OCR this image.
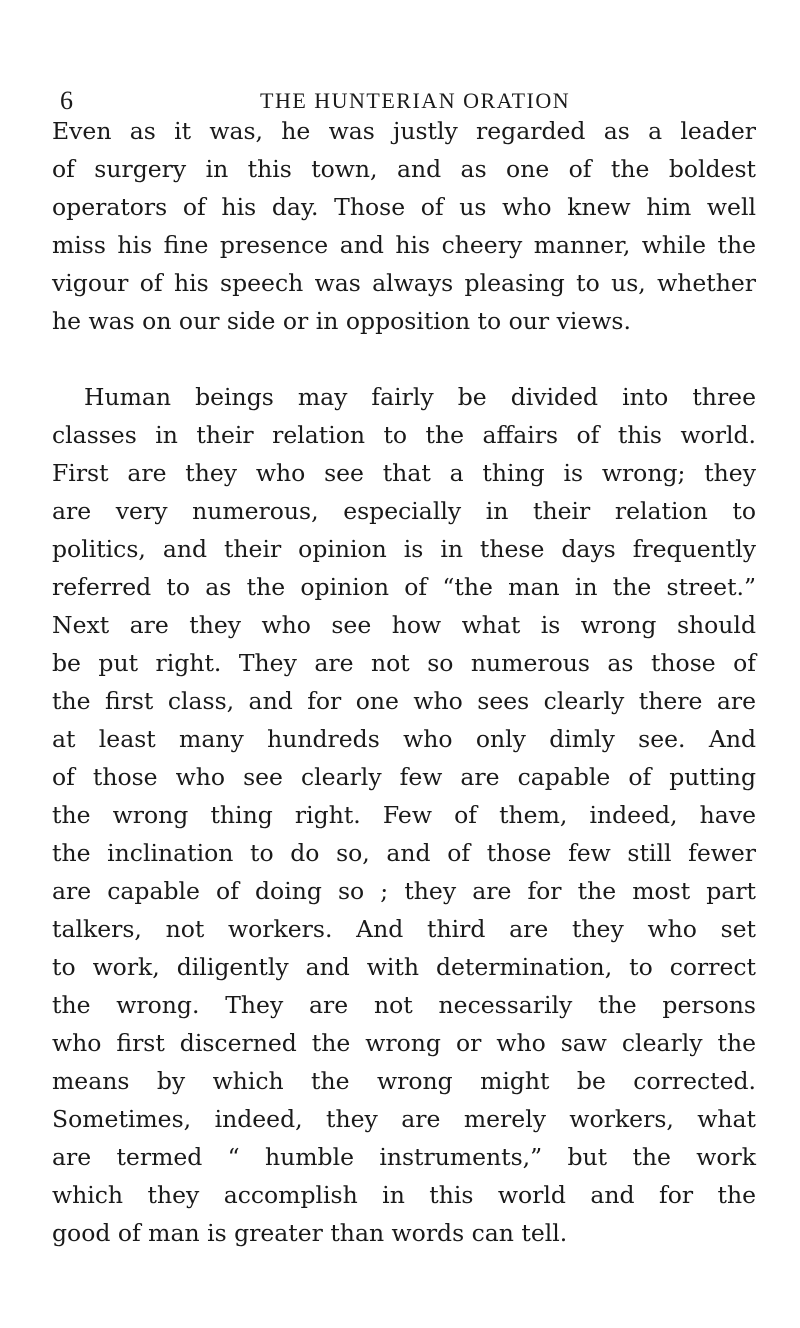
6	THE HUNTERIAN ORATION

Even as it was, he was justly regarded as a leader
of surgery in this town, and as one of the boldest
operators of his day. Those of us who knew him well
miss his fine presence and his cheery manner, while the
vigour of his speech was always pleasing to us, whether
he was on our side or in opposition to our views.

Human beings may fairly be divided into three
classes in their relation to the affairs of this world.
First are they who see that a thing is wrong; they
are very numerous, especially in their relation to
politics, and their opinion is in these days frequently
referred to as the opinion of “the man in the street.”
Next are they who see how what is wrong should
be put right. They are not so numerous as those of
the first class, and for one who sees clearly there are
at least many hundreds who only dimly see. And
of those who see clearly few are capable of putting
the wrong thing right. Few of them, indeed, have
the inclination to do so, and of those few still fewer
are capable of doing so ; they are for the most part
talkers, not workers. And third are they who set
to work, diligently and with determination, to correct
the wrong. They are not necessarily the persons
who first discerned the wrong or who saw clearly the
means by which the wrong might be corrected.
Sometimes, indeed, they are merely workers, what
are termed “ humble instruments,” but the work
which they accomplish in this world and for the
good of man is greater than words can tell.
